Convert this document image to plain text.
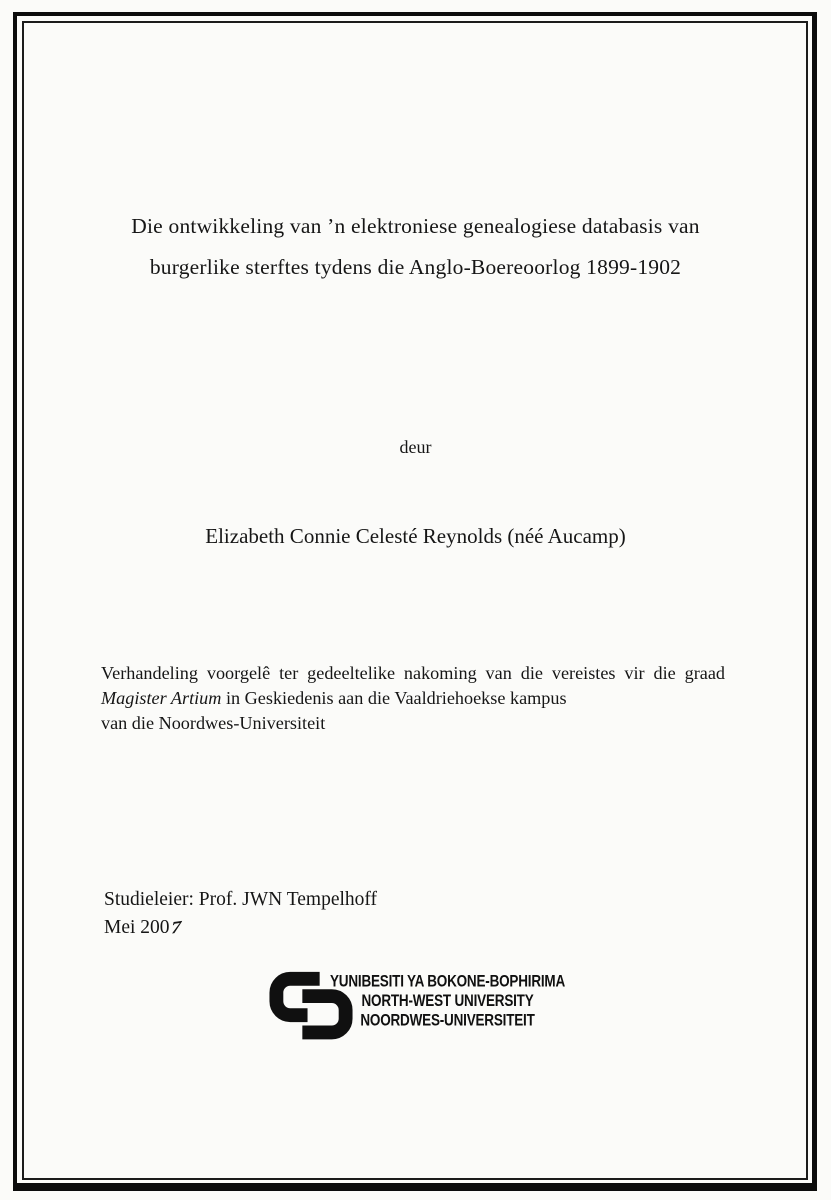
Die ontwikkeling van ’n elektroniese genealogiese databasis van
burgerlike sterftes tydens die Anglo-Boereoorlog 1899-1902
deur
Elizabeth Connie Celesté Reynolds (néé Aucamp)

Verhandeling voorgelê ter gedeeltelike nakoming van die vereistes vir die graad Magister Artium in Geskiedenis aan die Vaaldriehoekse kampus
van die Noordwes-Universiteit

Studieleier: Prof. JWN Tempelhoff
Mei 2007
YUNIBESITI YA BOKONE-BOPHIRIMA
NORTH-WEST UNIVERSITY
NOORDWES-UNIVERSITEIT
